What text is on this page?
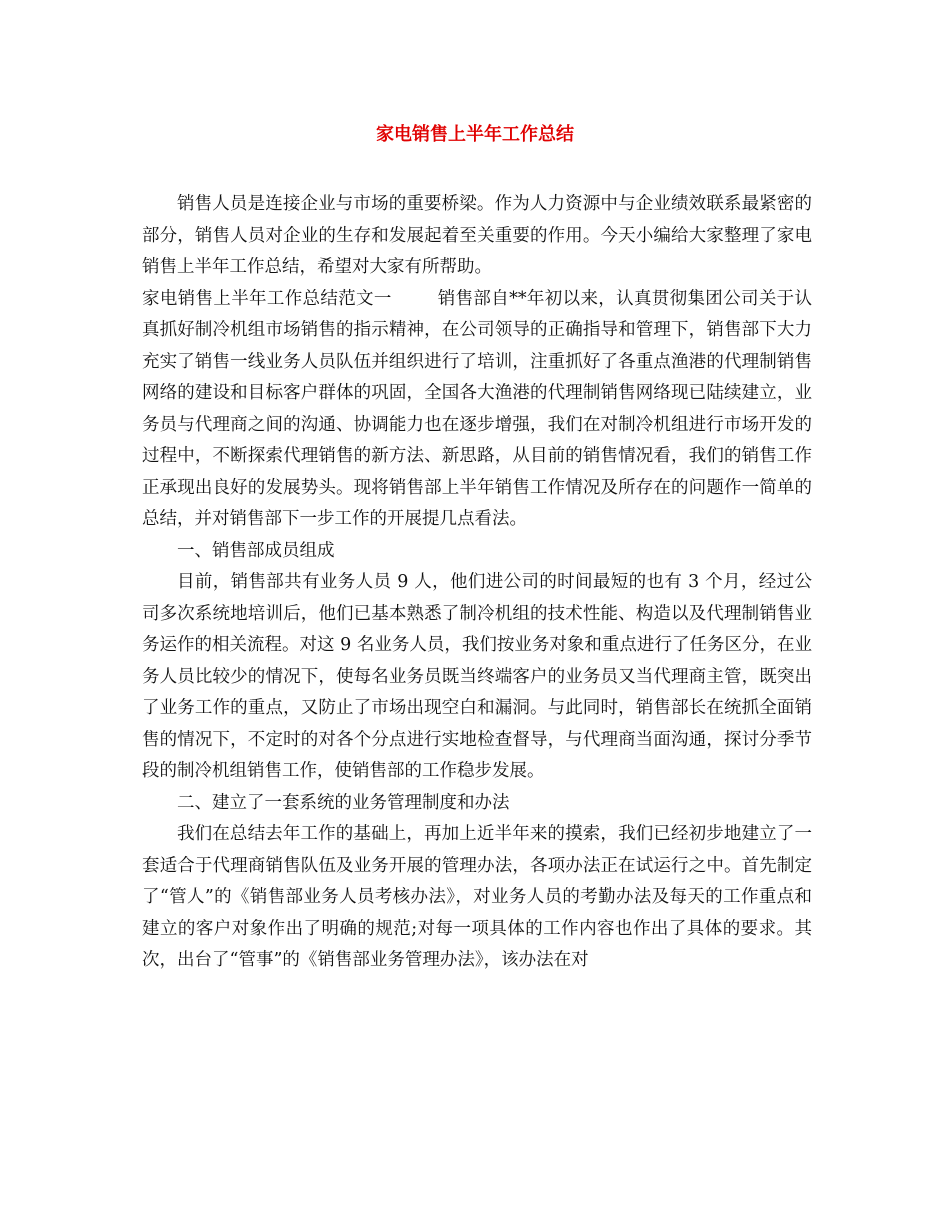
家电销售上半年工作总结

销售人员是连接企业与市场的重要桥梁。作为人力资源中与企业绩效联系最紧密的部分，销售人员对企业的生存和发展起着至关重要的作用。今天小编给大家整理了家电销售上半年工作总结，希望对大家有所帮助。

家电销售上半年工作总结范文一	销售部自**年初以来，认真贯彻集团公司关于认真抓好制冷机组市场销售的指示精神，在公司领导的正确指导和管理下，销售部下大力充实了销售一线业务人员队伍并组织进行了培训，注重抓好了各重点渔港的代理制销售网络的建设和目标客户群体的巩固，全国各大渔港的代理制销售网络现已陆续建立，业务员与代理商之间的沟通、协调能力也在逐步增强，我们在对制冷机组进行市场开发的过程中，不断探索代理销售的新方法、新思路，从目前的销售情况看，我们的销售工作正承现出良好的发展势头。现将销售部上半年销售工作情况及所存在的问题作一简单的总结，并对销售部下一步工作的开展提几点看法。

一、销售部成员组成

目前，销售部共有业务人员 9 人，他们进公司的时间最短的也有 3 个月，经过公司多次系统地培训后，他们已基本熟悉了制冷机组的技术性能、构造以及代理制销售业务运作的相关流程。对这 9 名业务人员，我们按业务对象和重点进行了任务区分，在业务人员比较少的情况下，使每名业务员既当终端客户的业务员又当代理商主管，既突出了业务工作的重点，又防止了市场出现空白和漏洞。与此同时，销售部长在统抓全面销售的情况下，不定时的对各个分点进行实地检查督导，与代理商当面沟通，探讨分季节段的制冷机组销售工作，使销售部的工作稳步发展。

二、建立了一套系统的业务管理制度和办法

我们在总结去年工作的基础上，再加上近半年来的摸索，我们已经初步地建立了一套适合于代理商销售队伍及业务开展的管理办法，各项办法正在试运行之中。首先制定了“管人”的《销售部业务人员考核办法》，对业务人员的考勤办法及每天的工作重点和建立的客户对象作出了明确的规范;对每一项具体的工作内容也作出了具体的要求。其次，出台了“管事”的《销售部业务管理办法》，该办法在对
